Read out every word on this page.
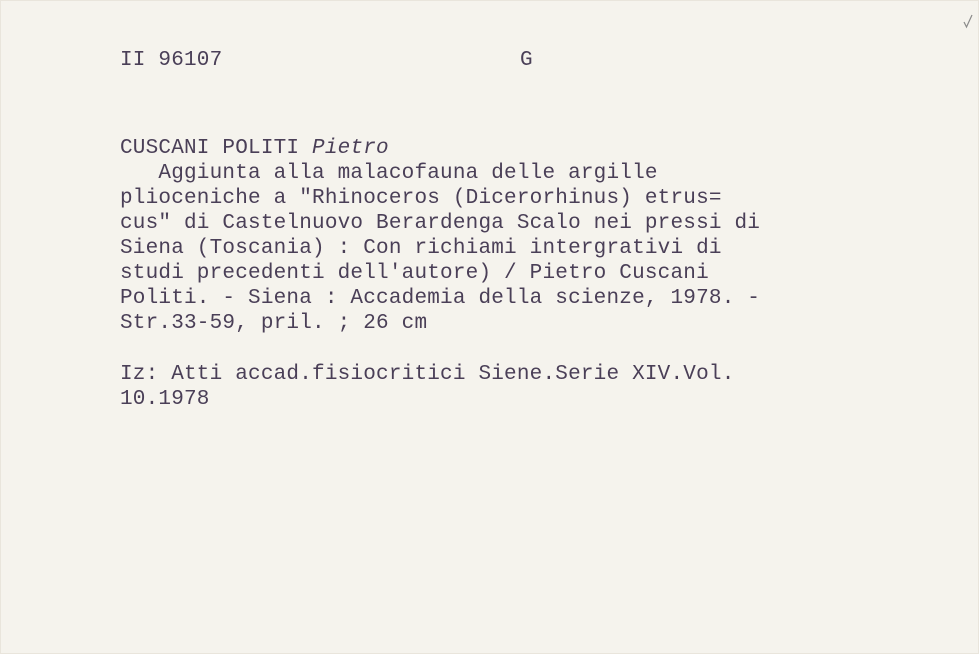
II 96107	G
CUSCANI POLITI Pietro
Aggiunta alla malacofauna delle argille
plioceniche a "Rhinoceros (Dicerorhinus) etrus=
cus" di Castelnuovo Berardenga Scalo nei pressi di
Siena (Toscania) : Con richiami intergrativi di
studi precedenti dell'autore) / Pietro Cuscani
Politi. - Siena : Accademia della scienze, 1978. -
Str.33-59, pril. ; 26 cm
Iz: Atti accad.fisiocritici Siene.Serie XIV.Vol.
10.1978
